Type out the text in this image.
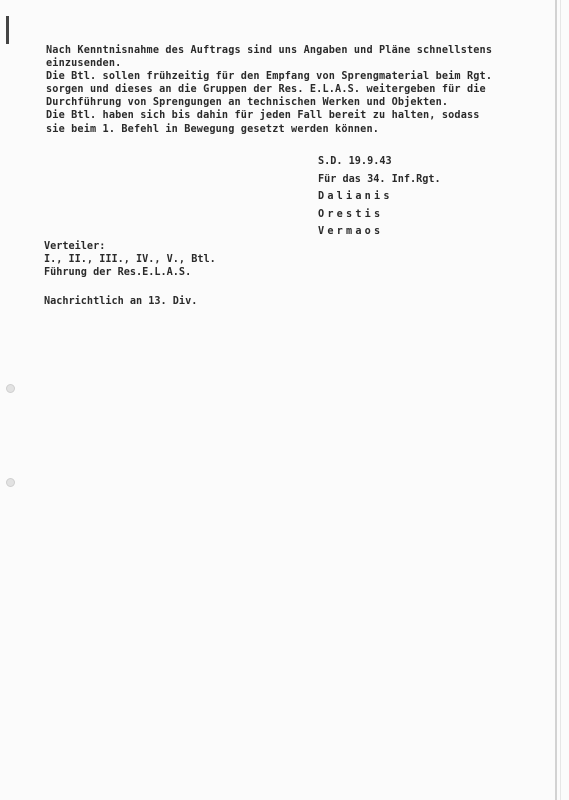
Nach Kenntnisnahme des Auftrags sind uns Angaben und Pläne schnellstens
einzusenden.
Die Btl. sollen frühzeitig für den Empfang von Sprengmaterial beim Rgt.
sorgen und dieses an die Gruppen der Res. E.L.A.S. weitergeben für die
Durchführung von Sprengungen an technischen Werken und Objekten.
Die Btl. haben sich bis dahin für jeden Fall bereit zu halten, sodass
sie beim 1. Befehl in Bewegung gesetzt werden können.
S.D. 19.9.43
Für das 34. Inf.Rgt.
Dalianis
Orestis
Vermaos
Verteiler:
I., II., III., IV., V., Btl.
Führung der Res.E.L.A.S.
Nachrichtlich an 13. Div.
